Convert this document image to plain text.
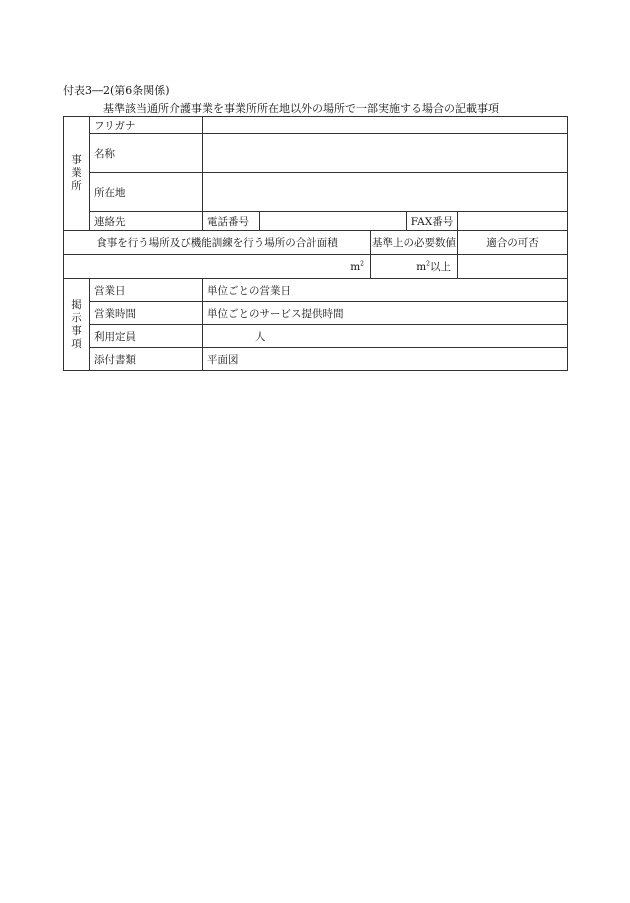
付表3―2(第6条関係)
基準該当通所介護事業を事業所所在地以外の場所で一部実施する場合の記載事項
事
業
所	フリガナ					
	名称					
	所在地					
	連絡先	電話番号			FAX番号	
食事を行う場所及び機能訓練を行う場所の合計面積				基準上の必要数値		適合の可否
$m^2$				$m^2$以上		
掲
示
事
項	営業日	単位ごとの営業日				
	営業時間	単位ごとのサービス提供時間				
	利用定員	人				
	添付書類	平面図				
